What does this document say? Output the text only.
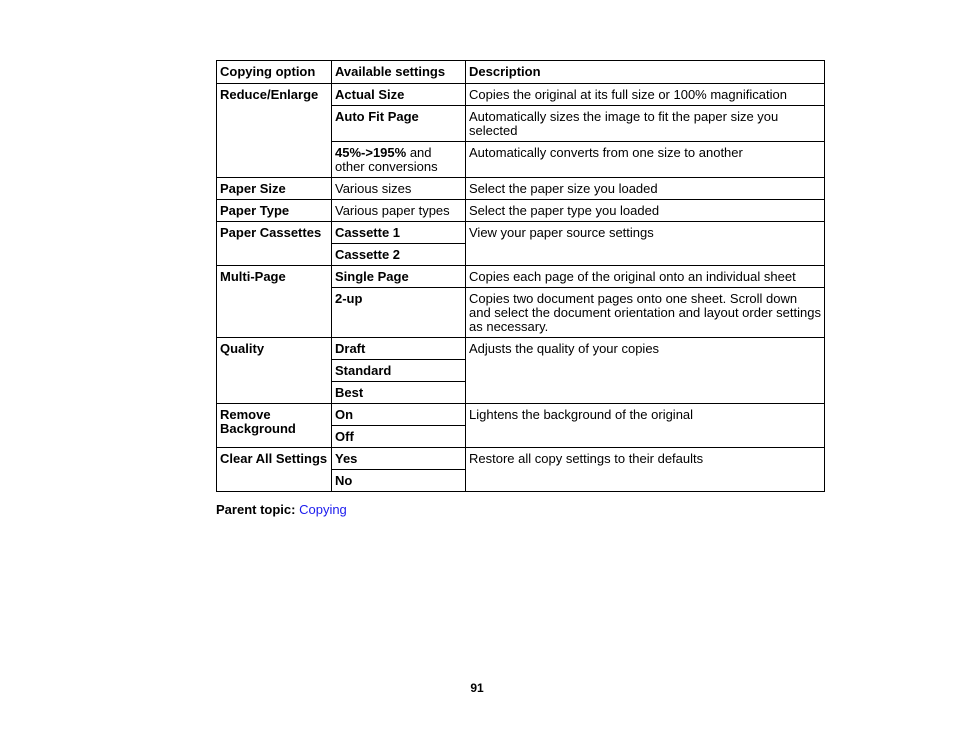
Copying option	Available settings	Description
Reduce/Enlarge	Actual Size	Copies the original at its full size or 100% magnification
	Auto Fit Page	Automatically sizes the image to fit the paper size you selected
	45%->195% and other conversions	Automatically converts from one size to another
Paper Size	Various sizes	Select the paper size you loaded
Paper Type	Various paper types	Select the paper type you loaded
Paper Cassettes	Cassette 1	View your paper source settings
	Cassette 2	
Multi-Page	Single Page	Copies each page of the original onto an individual sheet
	2-up	Copies two document pages onto one sheet. Scroll down and select the document orientation and layout order settings as necessary.
Quality	Draft	Adjusts the quality of your copies
	Standard	
	Best	
Remove Background	On	Lightens the background of the original
	Off	
Clear All Settings	Yes	Restore all copy settings to their defaults
	No	
Parent topic: Copying
91
